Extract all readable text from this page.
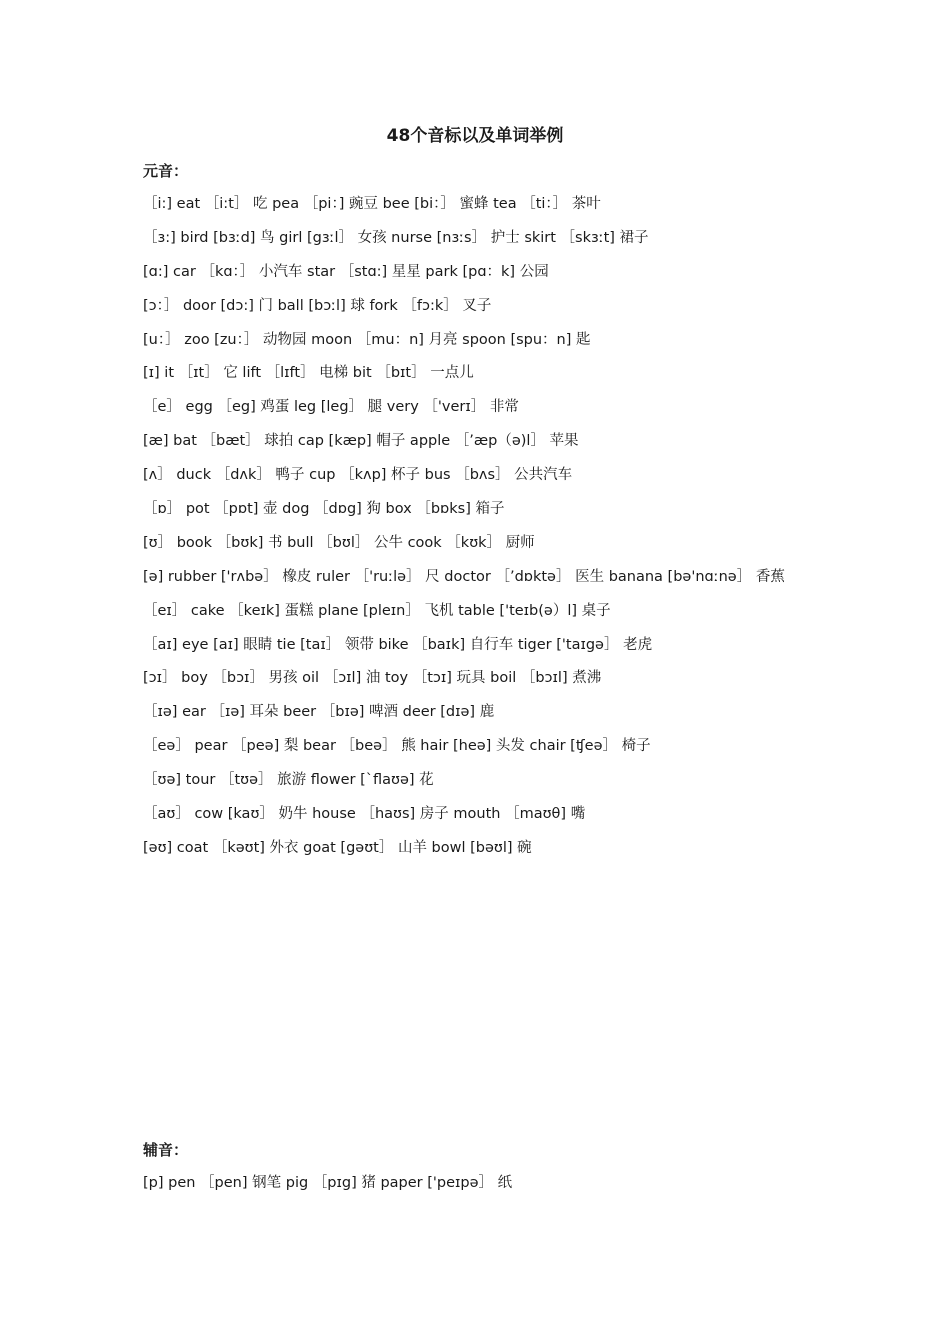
48个音标以及单词举例
元音：
［i:] eat ［i:t］ 吃 pea ［pi：] 豌豆 bee [bi：］ 蜜蜂 tea ［ti：］ 茶叶
［ɜ:] bird [bɜːd] 鸟 girl [gɜːl］ 女孩 nurse [nɜːs］ 护士 skirt ［skɜːt] 裙子
[ɑ:] car ［kɑ：］ 小汽车 star ［stɑ:] 星星 park [pɑ：k] 公园
[ɔ：］ door [dɔ:] 门 ball [bɔːl] 球 fork ［fɔ:k］ 叉子
[u：］ zoo [zu：］ 动物园 moon ［mu：n] 月亮 spoon [spu：n] 匙
[ɪ] it ［ɪt］ 它 lift ［lɪft］ 电梯 bit ［bɪt］ 一点儿
［e］ egg ［eg] 鸡蛋 leg [leg］ 腿 very ［'verɪ］ 非常
[æ] bat ［bæt］ 球拍 cap [kæp] 帽子 apple ［’æp（ə)l］ 苹果
[ʌ］ duck ［dʌk］ 鸭子 cup ［kʌp] 杯子 bus ［bʌs］ 公共汽车
［ɒ］ pot ［pɒt] 壶 dog ［dɒg] 狗 box ［bɒks] 箱子
[ʊ］ book ［bʊk] 书 bull ［bʊl］ 公牛 cook ［kʊk］ 厨师
[ə] rubber ['rʌbə］ 橡皮 ruler ［'ruːlə］ 尺 doctor ［’dɒktə］ 医生 banana [bə'nɑːnə］ 香蕉
［eɪ］ cake ［keɪk] 蛋糕 plane [pleɪn］ 飞机 table ['teɪb(ə）l] 桌子
［aɪ] eye [aɪ] 眼睛 tie [taɪ］ 领带 bike ［baɪk] 自行车 tiger ['taɪgə］ 老虎
[ɔɪ］ boy ［bɔɪ］ 男孩 oil ［ɔɪl] 油 toy ［tɔɪ] 玩具 boil ［bɔɪl] 煮沸
［ɪə] ear ［ɪə] 耳朵 beer ［bɪə] 啤酒 deer [dɪə] 鹿
［eə］ pear ［peə] 梨 bear ［beə］ 熊 hair [heə] 头发 chair [ʧeə］ 椅子
［ʊə] tour ［tʊə］ 旅游 flower [`flaʊə] 花
［aʊ］ cow [kaʊ］ 奶牛 house ［haʊs] 房子 mouth ［maʊθ] 嘴
[əʊ] coat ［kəʊt] 外衣 goat [gəʊt］ 山羊 bowl [bəʊl] 碗
辅音：
[p] pen ［pen] 钢笔 pig ［pɪg] 猪 paper ['peɪpə］ 纸
